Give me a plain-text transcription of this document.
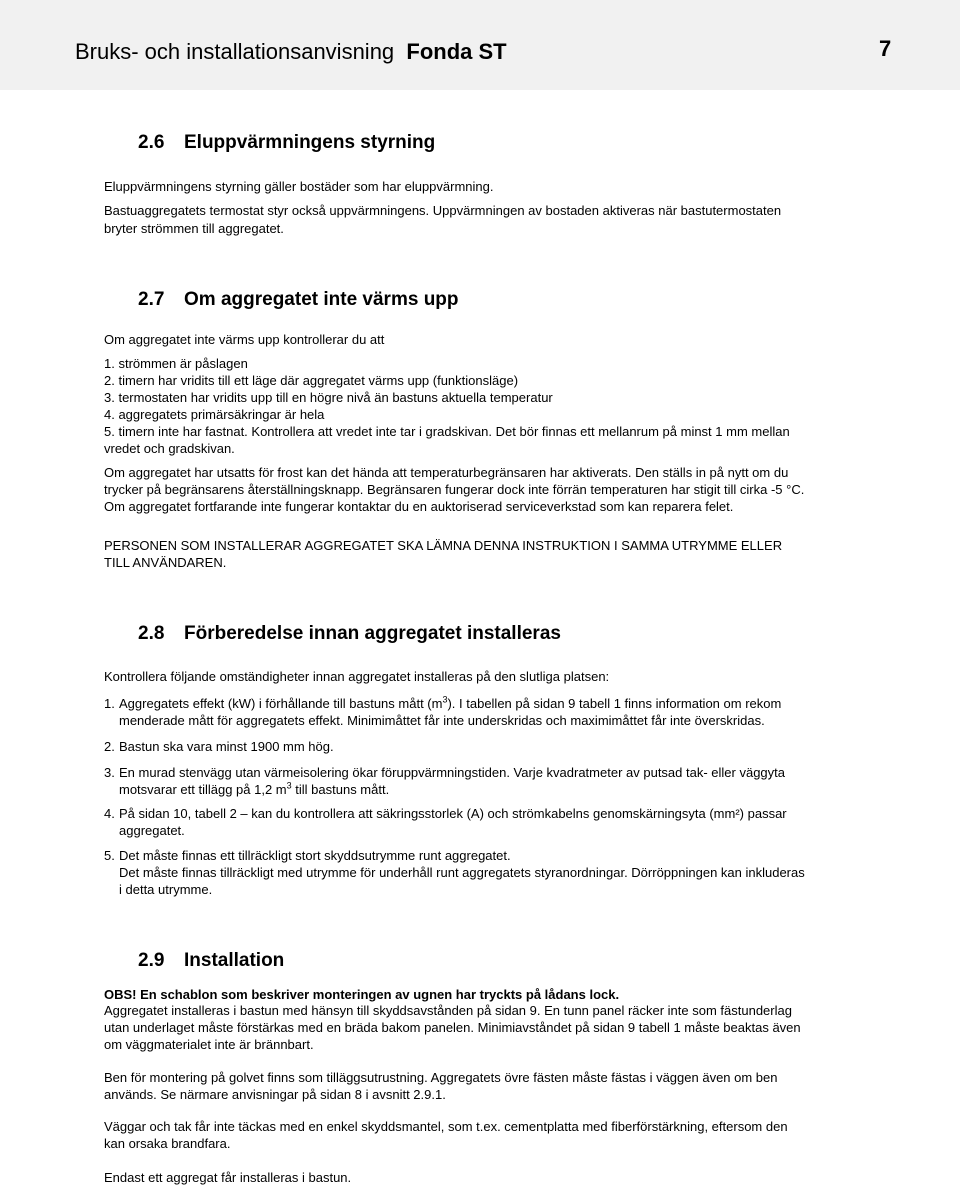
Bruks- och installationsanvisning Fonda ST	7
2.6 Eluppvärmningens styrning
Eluppvärmningens styrning gäller bostäder som har eluppvärmning.
Bastuaggregatets termostat styr också uppvärmningens. Uppvärmningen av bostaden aktiveras när bastutermostaten
bryter strömmen till aggregatet.
2.7 Om aggregatet inte värms upp
Om aggregatet inte värms upp kontrollerar du att
1. strömmen är påslagen
2. timern har vridits till ett läge där aggregatet värms upp (funktionsläge)
3. termostaten har vridits upp till en högre nivå än bastuns aktuella temperatur
4. aggregatets primärsäkringar är hela
5. timern inte har fastnat. Kontrollera att vredet inte tar i gradskivan. Det bör finnas ett mellanrum på minst 1 mm mellan
vredet och gradskivan.
Om aggregatet har utsatts för frost kan det hända att temperaturbegränsaren har aktiverats. Den ställs in på nytt om du
trycker på begränsarens återställningsknapp. Begränsaren fungerar dock inte förrän temperaturen har stigit till cirka -5 °C.
Om aggregatet fortfarande inte fungerar kontaktar du en auktoriserad serviceverkstad som kan reparera felet.
PERSONEN SOM INSTALLERAR AGGREGATET SKA LÄMNA DENNA INSTRUKTION I SAMMA UTRYMME ELLER
TILL ANVÄNDAREN.
2.8 Förberedelse innan aggregatet installeras
Kontrollera följande omständigheter innan aggregatet installeras på den slutliga platsen:
1. Aggregatets effekt (kW) i förhållande till bastuns mått $(m^3)$. I tabellen på sidan 9 tabell 1 finns information om rekom
menderade mått för aggregatets effekt. Minimimåttet får inte underskridas och maximimåttet får inte överskridas.
2. Bastun ska vara minst 1900 mm hög.
3. En murad stenvägg utan värmeisolering ökar föruppvärmningstiden. Varje kvadratmeter av putsad tak- eller väggyta
motsvarar ett tillägg på 1,2 $m^3$ till bastuns mått.
4. På sidan 10, tabell 2 – kan du kontrollera att säkringsstorlek (A) och strömkabelns genomskärningsyta (mm²) passar
aggregatet.
5. Det måste finnas ett tillräckligt stort skyddsutrymme runt aggregatet.
Det måste finnas tillräckligt med utrymme för underhåll runt aggregatets styranordningar. Dörröppningen kan inkluderas
i detta utrymme.
2.9 Installation
OBS! En schablon som beskriver monteringen av ugnen har tryckts på lådans lock.
Aggregatet installeras i bastun med hänsyn till skyddsavstånden på sidan 9. En tunn panel räcker inte som fästunderlag
utan underlaget måste förstärkas med en bräda bakom panelen. Minimiavståndet på sidan 9 tabell 1 måste beaktas även
om väggmaterialet inte är brännbart.
Ben för montering på golvet finns som tilläggsutrustning. Aggregatets övre fästen måste fästas i väggen även om ben
används. Se närmare anvisningar på sidan 8 i avsnitt 2.9.1.
Väggar och tak får inte täckas med en enkel skyddsmantel, som t.ex. cementplatta med fiberförstärkning, eftersom den
kan orsaka brandfara.
Endast ett aggregat får installeras i bastun.
